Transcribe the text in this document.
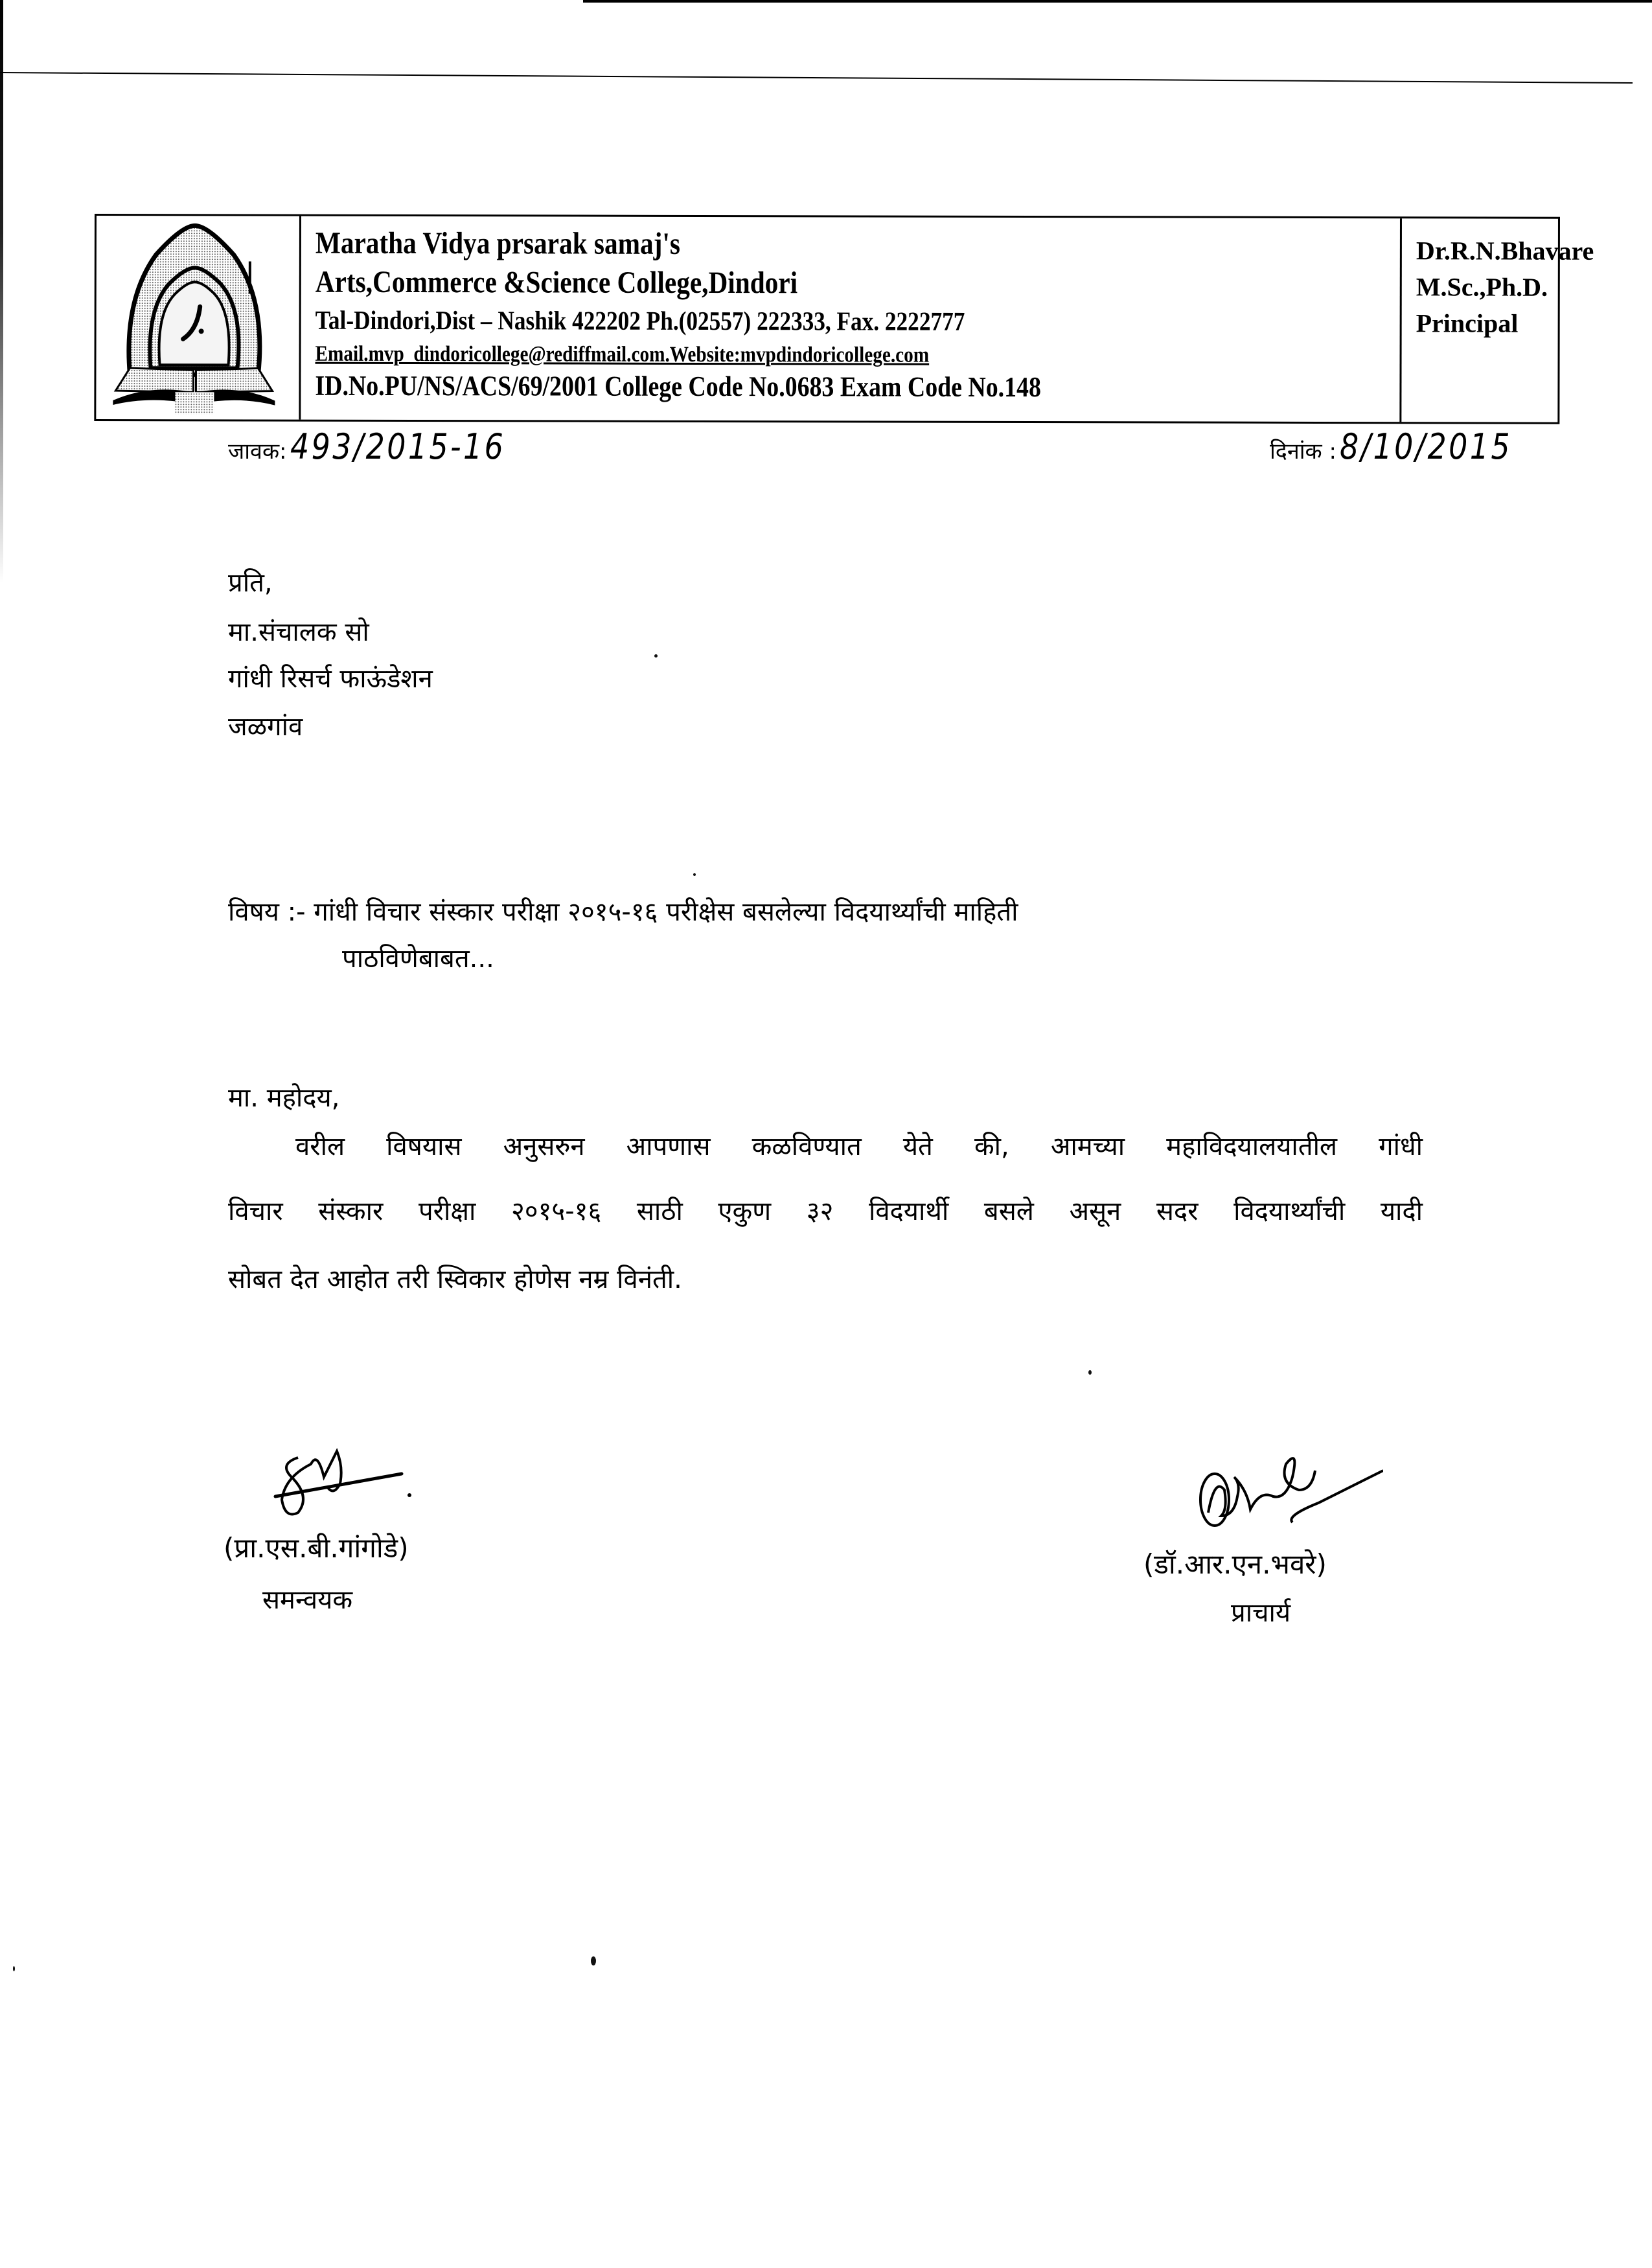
Maratha Vidya prsarak samaj's
Arts,Commerce &Science College,Dindori
Tal-Dindori,Dist – Nashik 422202 Ph.(02557) 222333, Fax. 2222777
Email.mvp_dindoricollege@rediffmail.com.Website:mvpdindoricollege.com
ID.No.PU/NS/ACS/69/2001 College Code No.0683 Exam Code No.148
Dr.R.N.Bhavare
M.Sc.,Ph.D.
Principal
जावक: 493/2015-16	दिनांक : 8/10/2015
प्रति,
मा.संचालक सो
गांधी रिसर्च फाऊंडेशन
जळगांव
विषय :- गांधी विचार संस्कार परीक्षा २०१५-१६ परीक्षेस बसलेल्या विदयार्थ्यांची माहिती
पाठविणेबाबत...
मा. महोदय,
वरील विषयास अनुसरुन आपणास कळविण्यात येते की, आमच्या महाविदयालयातील गांधी
विचार संस्कार परीक्षा २०१५-१६ साठी एकुण ३२ विदयार्थी बसले असून सदर विदयार्थ्यांची यादी
सोबत देत आहोत तरी स्विकार होणेस नम्र विनंती.
(प्रा.एस.बी.गांगोडे)
समन्वयक
(डॉ.आर.एन.भवरे)
प्राचार्य
